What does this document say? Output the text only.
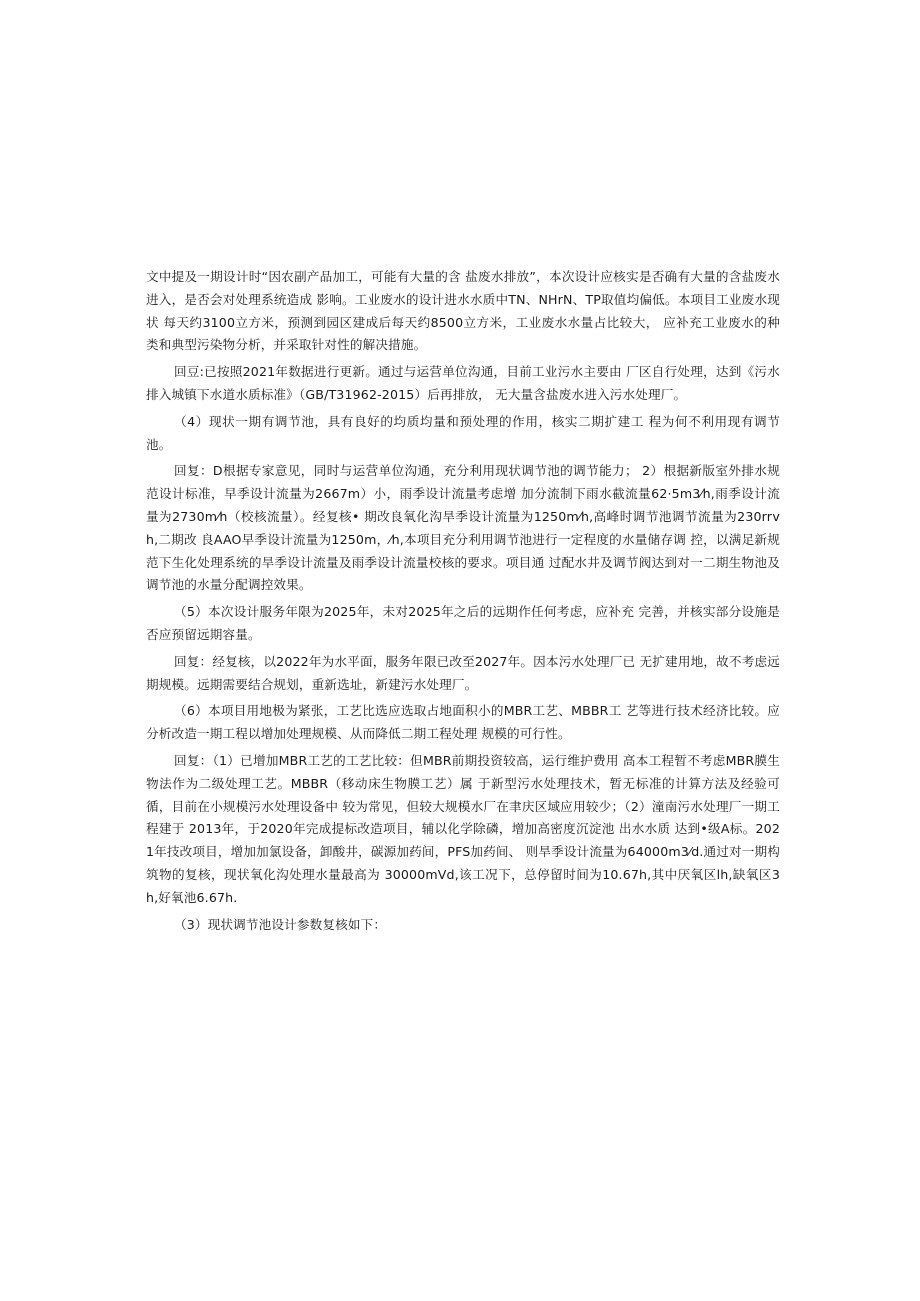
文中提及一期设计时“因农副产品加工，可能有大量的含 盐废水排放”，本次设计应核实是否确有大量的含盐废水进入，是否会对处理系统造成 影响。工业废水的设计进水水质中TN、NHrN、TP取值均偏低。本项目工业废水现状 每天约3100立方米，预测到园区建成后每天约8500立方米，工业废水水量占比较大， 应补充工业废水的种类和典型污染物分析，并采取针对性的解决措施。

回豆:已按照2021年数据进行更新。通过与运营单位沟通，目前工业污水主要由 厂区自行处理，达到《污水排入城镇下水道水质标准》（GB/T31962-2015）后再排放， 无大量含盐废水进入污水处理厂。

（4）现状一期有调节池，具有良好的均质均量和预处理的作用，核实二期扩建工 程为何不利用现有调节池。

回复：D根据专家意见，同时与运营单位沟通，充分利用现状调节池的调节能力； 2）根据新版室外排水规范设计标准，早季设计流量为2667m）小，雨季设计流量考虑增 加分流制下雨水截流量62·5m3⁄h,雨季设计流量为2730m⁄h（校核流量）。经复核• 期改良氧化沟旱季设计流量为1250m⁄h,高峰时调节池调节流量为230rrⅴh,二期改 良AAO早季设计流量为1250m，⁄h,本项目充分利用调节池进行一定程度的水量储存调 控，以满足新规范下生化处理系统的旱季设计流量及雨季设计流量校核的要求。项目通 过配水井及调节阀达到对一二期生物池及调节池的水量分配调控效果。

（5）本次设计服务年限为2025年，未对2025年之后的远期作任何考虑，应补充 完善，并核实部分设施是否应预留远期容量。

回复：经复核，以2022年为水平面，服务年限已改至2027年。因本污水处理厂已 无扩建用地，故不考虑远期规模。远期需要结合规划，重新选址，新建污水处理厂。

（6）本项目用地极为紧张，工艺比选应选取占地面积小的MBR工艺、MBBR工 艺等进行技术经济比较。应分析改造一期工程以增加处理规模、从而降低二期工程处理 规模的可行性。

回复：（1）已增加MBR工艺的工艺比较：但MBR前期投资较高，运行维护费用 高本工程暂不考虑MBR膜生物法作为二级处理工艺。MBBR（移动床生物膜工艺）属 于新型污水处理技术，暂无标准的计算方法及经验可循，目前在小规模污水处理设备中 较为常见，但较大规模水厂在聿庆区域应用较少；（2）潼南污水处理厂一期工程建于 2013年，于2020年完成提标改造项目，辅以化学除磷，增加高密度沉淀池 出水水质 达到•级A标。2021年技改项目，增加加氯设备，卸酸井，碳源加药间，PFS加药间、 则旱季设计流量为64000m3⁄d.通过对一期构筑物的复核，现状氧化沟处理水量最高为 30000mVd,该工况下，总停留时间为10.67h,其中厌氧区lh,缺氧区3h,好氧池6.67h.

（3）现状调节池设计参数复核如下：
